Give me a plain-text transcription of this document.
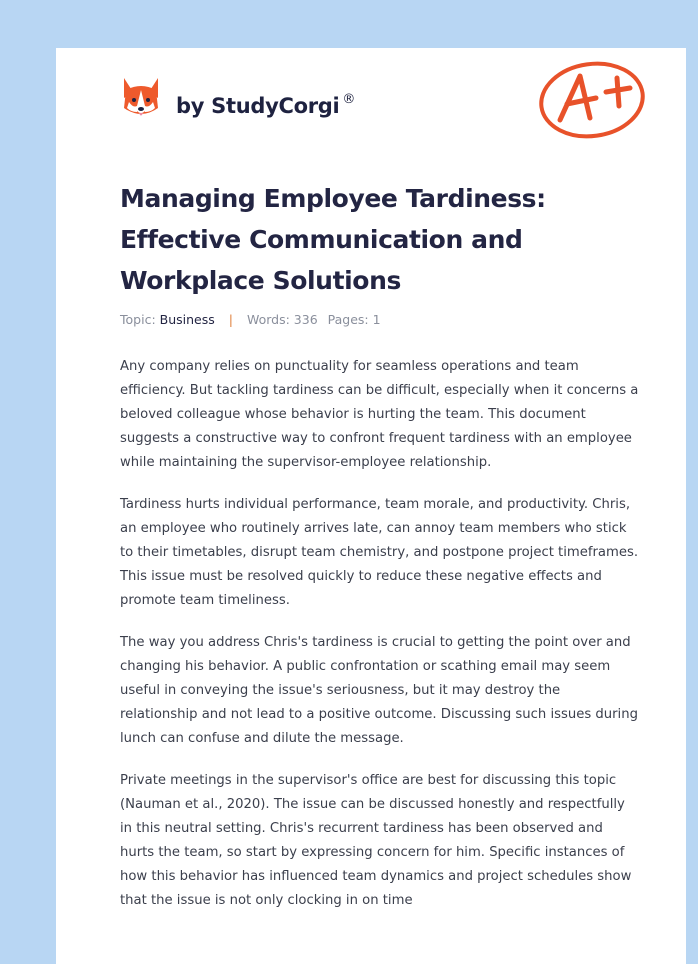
by StudyCorgi ®
Managing Employee Tardiness: Effective Communication and Workplace Solutions
Topic: Business | Words: 336 Pages: 1

Any company relies on punctuality for seamless operations and team efficiency. But tackling tardiness can be difficult, especially when it concerns a beloved colleague whose behavior is hurting the team. This document suggests a constructive way to confront frequent tardiness with an employee while maintaining the supervisor-employee relationship.

Tardiness hurts individual performance, team morale, and productivity. Chris, an employee who routinely arrives late, can annoy team members who stick to their timetables, disrupt team chemistry, and postpone project timeframes. This issue must be resolved quickly to reduce these negative effects and promote team timeliness.

The way you address Chris's tardiness is crucial to getting the point over and changing his behavior. A public confrontation or scathing email may seem useful in conveying the issue's seriousness, but it may destroy the relationship and not lead to a positive outcome. Discussing such issues during lunch can confuse and dilute the message.

Private meetings in the supervisor's office are best for discussing this topic (Nauman et al., 2020). The issue can be discussed honestly and respectfully in this neutral setting. Chris's recurrent tardiness has been observed and hurts the team, so start by expressing concern for him. Specific instances of how this behavior has influenced team dynamics and project schedules show that the issue is not only clocking in on time
